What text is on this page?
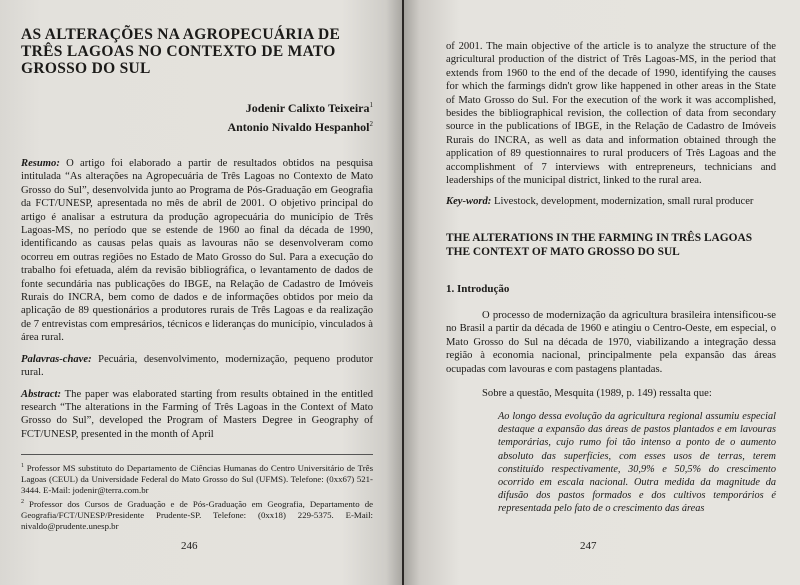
AS ALTERAÇÕES NA AGROPECUÁRIA DE TRÊS LAGOAS NO CONTEXTO DE MATO GROSSO DO SUL
Jodenir Calixto Teixeira$^1$
Antonio Nivaldo Hespanhol$^2$

Resumo: O artigo foi elaborado a partir de resultados obtidos na pesquisa intitulada “As alterações na Agropecuária de Três Lagoas no Contexto de Mato Grosso do Sul”, desenvolvida junto ao Programa de Pós-Graduação em Geografia da FCT/UNESP, apresentada no mês de abril de 2001. O objetivo principal do artigo é analisar a estrutura da produção agropecuária do município de Três Lagoas-MS, no período que se estende de 1960 ao final da década de 1990, identificando as causas pelas quais as lavouras não se desenvolveram como ocorreu em outras regiões no Estado de Mato Grosso do Sul. Para a execução do trabalho foi efetuada, além da revisão bibliográfica, o levantamento de dados de fonte secundária nas publicações do IBGE, na Relação de Cadastro de Imóveis Rurais do INCRA, bem como de dados e de informações obtidos por meio da aplicação de 89 questionários a produtores rurais de Três Lagoas e da realização de 7 entrevistas com empresários, técnicos e lideranças do município, vinculados à área rural.

Palavras-chave: Pecuária, desenvolvimento, modernização, pequeno produtor rural.

Abstract: The paper was elaborated starting from results obtained in the entitled research “The alterations in the Farming of Três Lagoas in the Context of Mato Grosso do Sul”, developed the Program of Masters Degree in Geography of FCT/UNESP, presented in the month of April

$^1$ Professor MS substituto do Departamento de Ciências Humanas do Centro Universitário de Três Lagoas (CEUL) da Universidade Federal do Mato Grosso do Sul (UFMS). Telefone: (0xx67) 521-3444. E-Mail: jodenir@terra.com.br

$^2$ Professor dos Cursos de Graduação e de Pós-Graduação em Geografia, Departamento de Geografia/FCT/UNESP/Presidente Prudente-SP. Telefone: (0xx18) 229-5375. E-Mail: nivaldo@prudente.unesp.br

246

of 2001. The main objective of the article is to analyze the structure of the agricultural production of the district of Três Lagoas-MS, in the period that extends from 1960 to the end of the decade of 1990, identifying the causes for which the farmings didn't grow like happened in other areas in the State of Mato Grosso do Sul. For the execution of the work it was accomplished, besides the bibliographical revision, the collection of data from secondary source in the publications of IBGE, in the Relação de Cadastro de Imóveis Rurais do INCRA, as well as data and information obtained through the application of 89 questionnaires to rural producers of Três Lagoas and the accomplishment of 7 interviews with entrepreneurs, technicians and leaderships of the municipal district, linked to the rural area.

Key-word: Livestock, development, modernization, small rural producer

THE ALTERATIONS IN THE FARMING IN TRÊS LAGOAS THE CONTEXT OF MATO GROSSO DO SUL
1. Introdução

O processo de modernização da agricultura brasileira intensificou-se no Brasil a partir da década de 1960 e atingiu o Centro-Oeste, em especial, o Mato Grosso do Sul na década de 1970, viabilizando a integração dessa região à economia nacional, principalmente pela expansão das áreas ocupadas com lavouras e com pastagens plantadas.

Sobre a questão, Mesquita (1989, p. 149) ressalta que:

Ao longo dessa evolução da agricultura regional assumiu especial destaque a expansão das áreas de pastos plantados e em lavouras temporárias, cujo rumo foi tão intenso a ponto de o aumento absoluto das superfícies, com esses usos de terras, terem constituído respectivamente, 30,9% e 50,5% do crescimento ocorrido em escala nacional. Outra medida da magnitude da difusão dos pastos formados e dos cultivos temporários é representada pelo fato de o crescimento das áreas

247
